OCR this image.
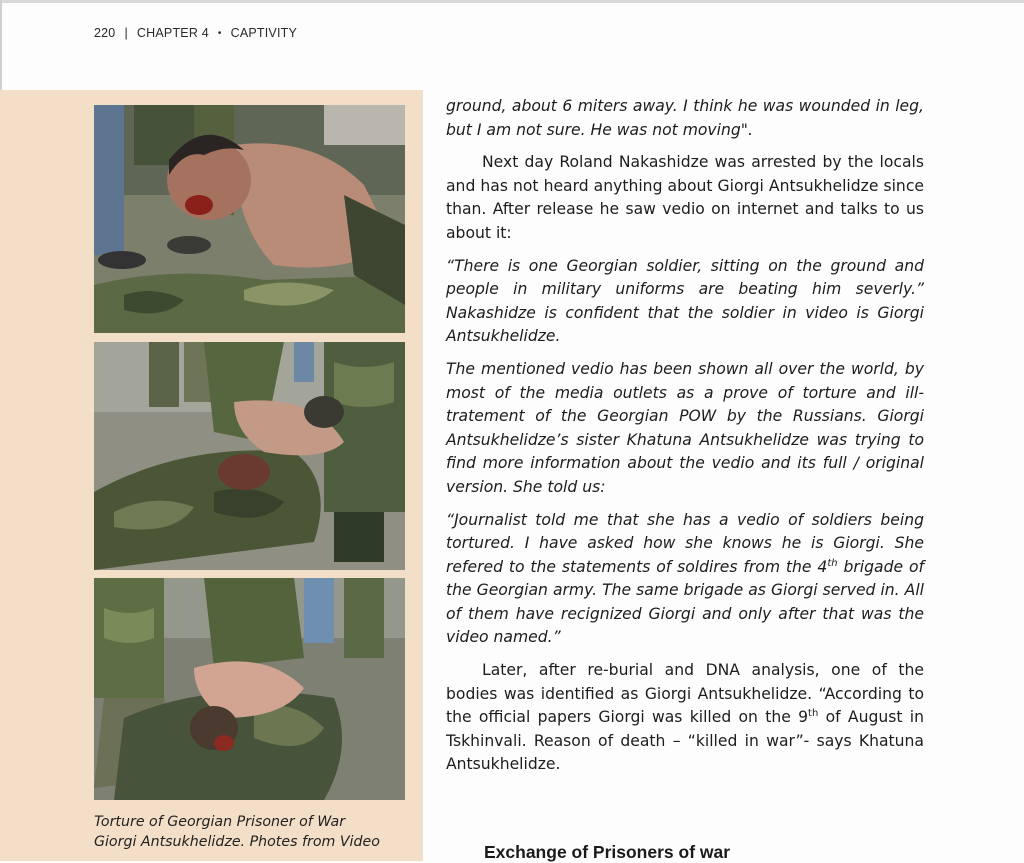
220 | CHAPTER 4 • CAPTIVITY
Torture of Georgian Prisoner of War
Giorgi Antsukhelidze. Photes from Video

ground, about 6 miters away. I think he was wounded in leg, but I am not sure. He was not moving".

Next day Roland Nakashidze was arrested by the locals and has not heard anything about Giorgi Antsukhelidze since than. After release he saw vedio on internet and talks to us about it:

“There is one Georgian soldier, sitting on the ground and people in military uniforms are beating him severly.” Nakashidze is confident that the soldier in video is Giorgi Antsukhelidze.

The mentioned vedio has been shown all over the world, by most of the media outlets as a prove of torture and ill-tratement of the Georgian POW by the Russians. Giorgi Antsukhelidze’s sister Khatuna Antsukhelidze was trying to find more information about the vedio and its full / original version. She told us:

“Journalist told me that she has a vedio of soldiers being tortured. I have asked how she knows he is Giorgi. She refered to the statements of soldires from the 4th brigade of the Georgian army. The same brigade as Giorgi served in. All of them have recignized Giorgi and only after that was the video named.”

Later, after re-burial and DNA analysis, one of the bodies was identified as Giorgi Antsukhelidze. “According to the official papers Giorgi was killed on the 9th of August in Tskhinvali. Reason of death – “killed in war”- says Khatuna Antsukhelidze.

Exchange of Prisoners of war
